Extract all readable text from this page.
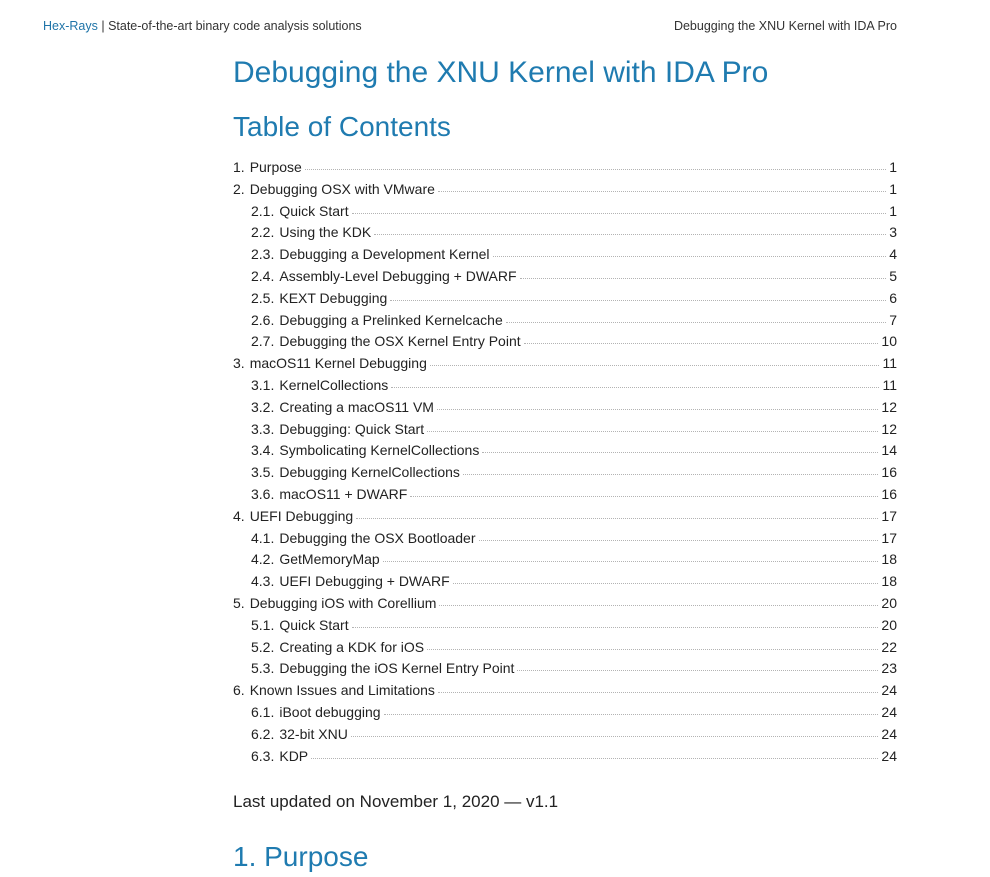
Hex-Rays | State-of-the-art binary code analysis solutions	Debugging the XNU Kernel with IDA Pro
Debugging the XNU Kernel with IDA Pro
Table of Contents
1. Purpose	1
2. Debugging OSX with VMware	1
2.1. Quick Start	1
2.2. Using the KDK	3
2.3. Debugging a Development Kernel	4
2.4. Assembly-Level Debugging + DWARF	5
2.5. KEXT Debugging	6
2.6. Debugging a Prelinked Kernelcache	7
2.7. Debugging the OSX Kernel Entry Point	10
3. macOS11 Kernel Debugging	11
3.1. KernelCollections	11
3.2. Creating a macOS11 VM	12
3.3. Debugging: Quick Start	12
3.4. Symbolicating KernelCollections	14
3.5. Debugging KernelCollections	16
3.6. macOS11 + DWARF	16
4. UEFI Debugging	17
4.1. Debugging the OSX Bootloader	17
4.2. GetMemoryMap	18
4.3. UEFI Debugging + DWARF	18
5. Debugging iOS with Corellium	20
5.1. Quick Start	20
5.2. Creating a KDK for iOS	22
5.3. Debugging the iOS Kernel Entry Point	23
6. Known Issues and Limitations	24
6.1. iBoot debugging	24
6.2. 32-bit XNU	24
6.3. KDP	24

Last updated on November 1, 2020 — v1.1

1. Purpose
